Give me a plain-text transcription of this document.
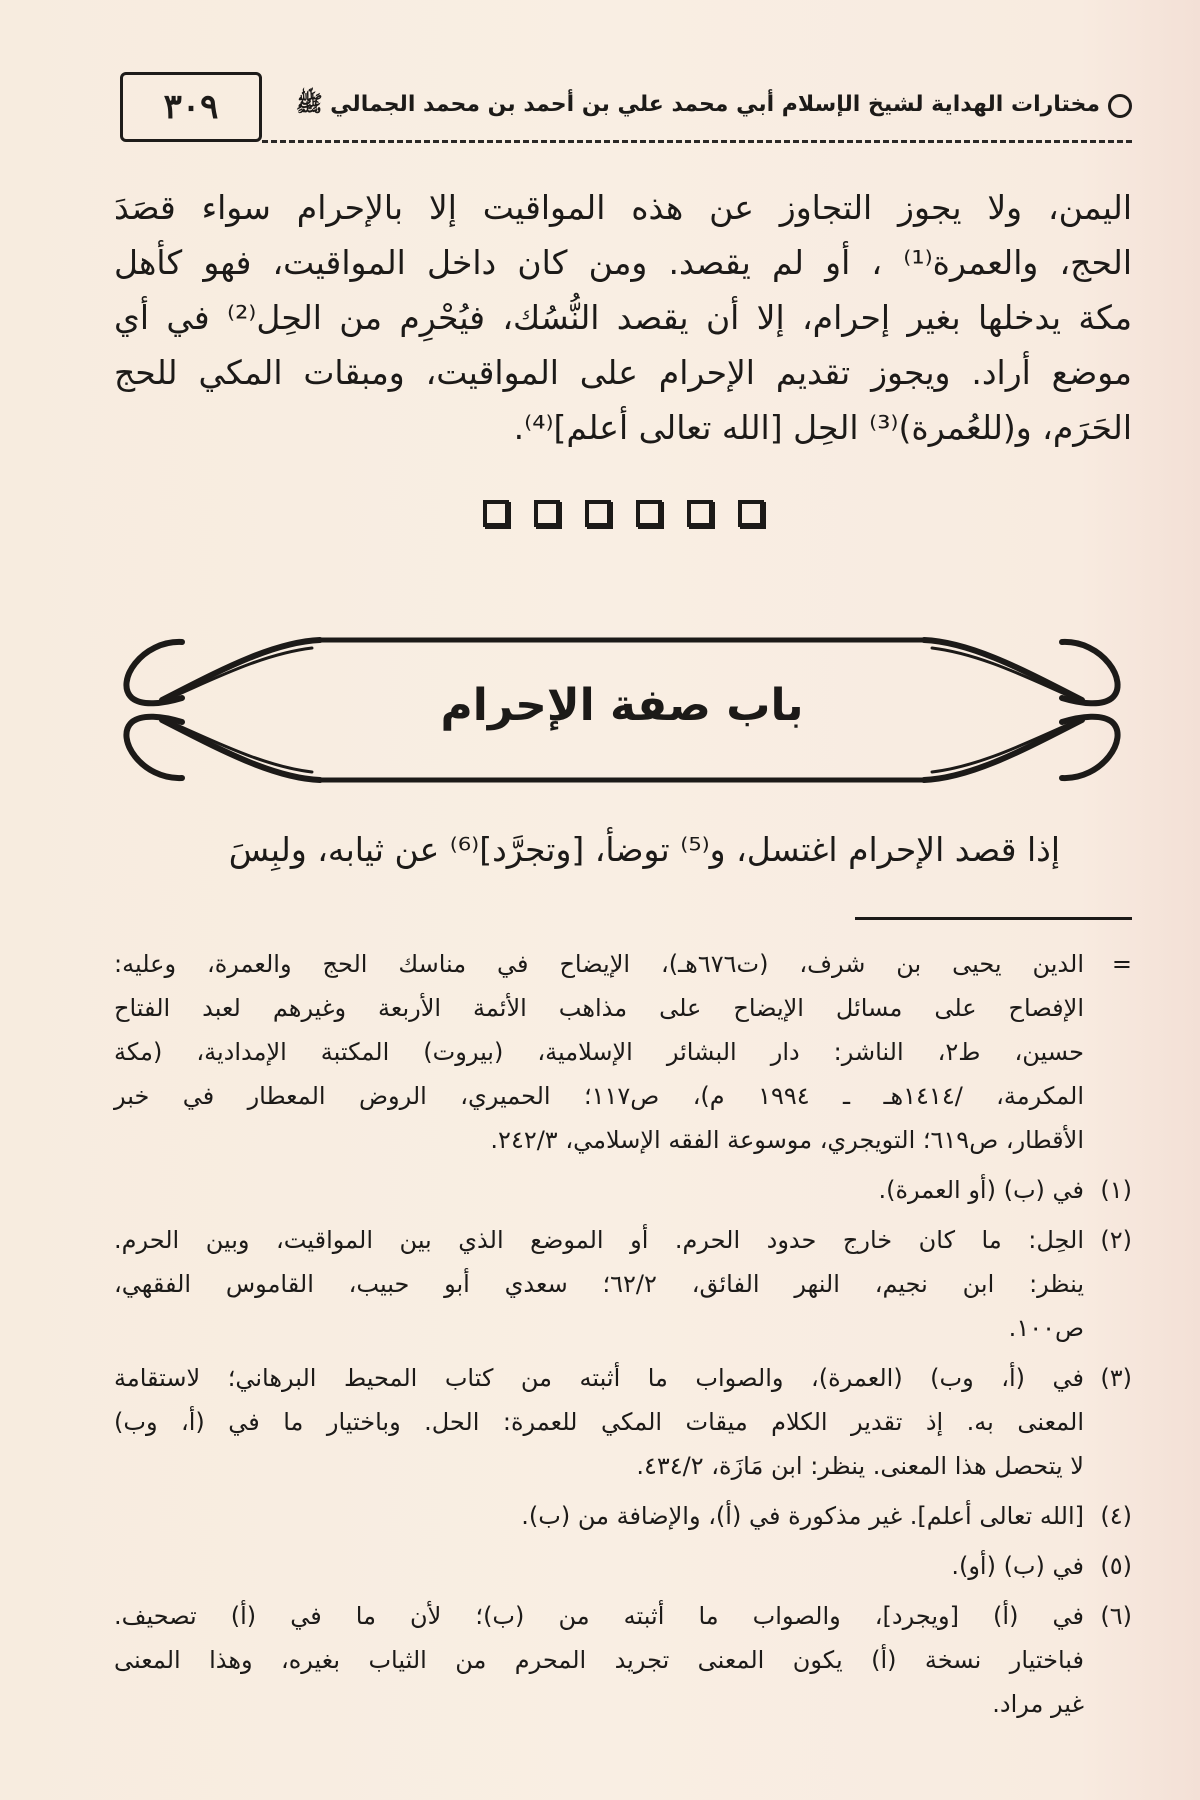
٣٠٩	مختارات الهداية لشيخ الإسلام أبي محمد علي بن أحمد بن محمد الجمالي ﷺ
اليمن، ولا يجوز التجاوز عن هذه المواقيت إلا بالإحرام سواء قصَدَ
الحج، والعمرة⁽¹⁾ ، أو لم يقصد. ومن كان داخل المواقيت، فهو كأهل
مكة يدخلها بغير إحرام، إلا أن يقصد النُّسُك، فيُحْرِم من الحِل⁽²⁾ في أي
موضع أراد. ويجوز تقديم الإحرام على المواقيت، ومبقات المكي للحج
الحَرَم، و(للعُمرة)⁽³⁾ الحِل [الله تعالى أعلم]⁽⁴⁾.
باب صفة الإحرام
إذا قصد الإحرام اغتسل، و⁽⁵⁾ توضأ، [وتجرَّد]⁽⁶⁾ عن ثيابه، ولبِسَ
=
الدين يحيى بن شرف، (ت٦٧٦هـ)، الإيضاح في مناسك الحج والعمرة، وعليه:
الإفصاح على مسائل الإيضاح على مذاهب الأئمة الأربعة وغيرهم لعبد الفتاح
حسين، ط٢، الناشر: دار البشائر الإسلامية، (بيروت) المكتبة الإمدادية، (مكة
المكرمة، /١٤١٤هـ ـ ١٩٩٤ م)، ص١١٧؛ الحميري، الروض المعطار في خبر
الأقطار، ص٦١٩؛ التويجري، موسوعة الفقه الإسلامي، ٢٤٢/٣.
(١)
في (ب) (أو العمرة).
(٢)
الحِل: ما كان خارج حدود الحرم. أو الموضع الذي بين المواقيت، وبين الحرم.
ينظر: ابن نجيم، النهر الفائق، ٦٢/٢؛ سعدي أبو حبيب، القاموس الفقهي،
ص١٠٠.
(٣)
في (أ، وب) (العمرة)، والصواب ما أثبته من كتاب المحيط البرهاني؛ لاستقامة
المعنى به. إذ تقدير الكلام ميقات المكي للعمرة: الحل. وباختيار ما في (أ، وب)
لا يتحصل هذا المعنى. ينظر: ابن مَازَة، ٤٣٤/٢.
(٤)
[الله تعالى أعلم]. غير مذكورة في (أ)، والإضافة من (ب).
(٥)
في (ب) (أو).
(٦)
في (أ) [ويجرد]، والصواب ما أثبته من (ب)؛ لأن ما في (أ) تصحيف.
فباختيار نسخة (أ) يكون المعنى تجريد المحرم من الثياب بغيره، وهذا المعنى
غير مراد.
